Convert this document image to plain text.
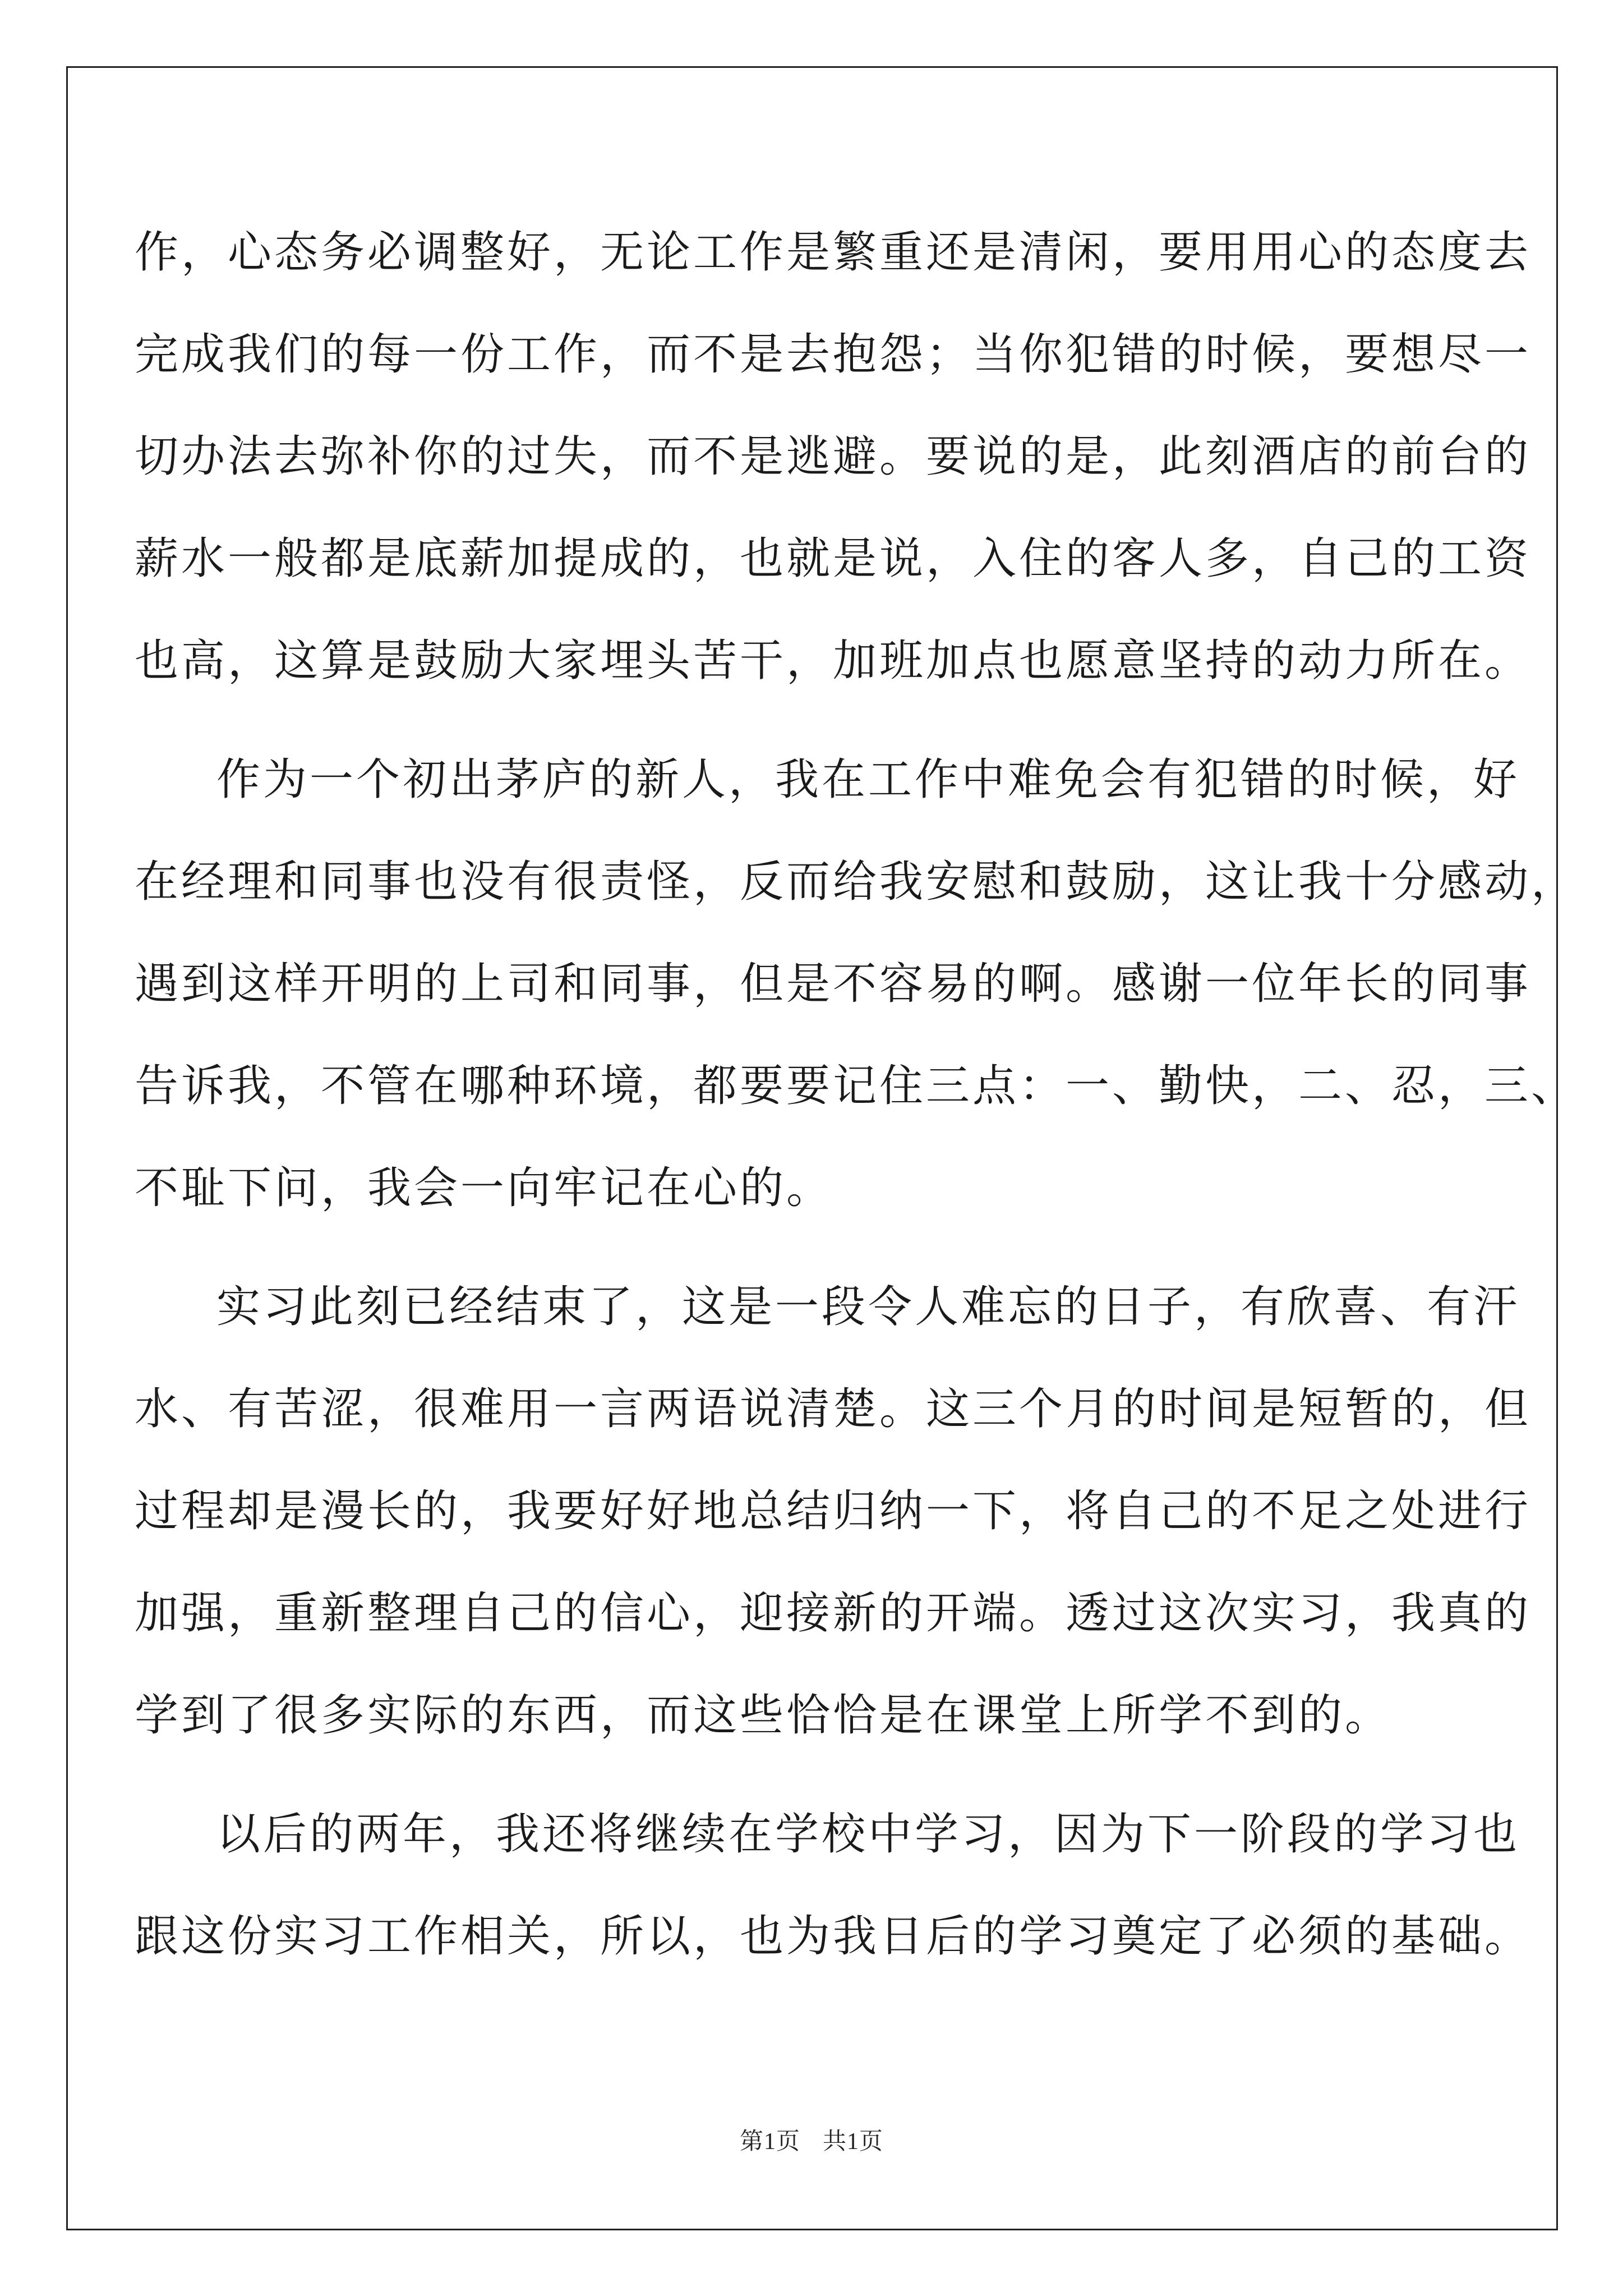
作，心态务必调整好，无论工作是繁重还是清闲，要用用心的态度去
完成我们的每一份工作，而不是去抱怨；当你犯错的时候，要想尽一
切办法去弥补你的过失，而不是逃避。要说的是，此刻酒店的前台的
薪水一般都是底薪加提成的，也就是说，入住的客人多，自己的工资
也高，这算是鼓励大家埋头苦干，加班加点也愿意坚持的动力所在。
作为一个初出茅庐的新人，我在工作中难免会有犯错的时候，好
在经理和同事也没有很责怪，反而给我安慰和鼓励，这让我十分感动，
遇到这样开明的上司和同事，但是不容易的啊。感谢一位年长的同事
告诉我，不管在哪种环境，都要要记住三点：一、勤快，二、忍，三、
不耻下问，我会一向牢记在心的。
实习此刻已经结束了，这是一段令人难忘的日子，有欣喜、有汗
水、有苦涩，很难用一言两语说清楚。这三个月的时间是短暂的，但
过程却是漫长的，我要好好地总结归纳一下，将自己的不足之处进行
加强，重新整理自己的信心，迎接新的开端。透过这次实习，我真的
学到了很多实际的东西，而这些恰恰是在课堂上所学不到的。
以后的两年，我还将继续在学校中学习，因为下一阶段的学习也
跟这份实习工作相关，所以，也为我日后的学习奠定了必须的基础。
第1页 共1页
